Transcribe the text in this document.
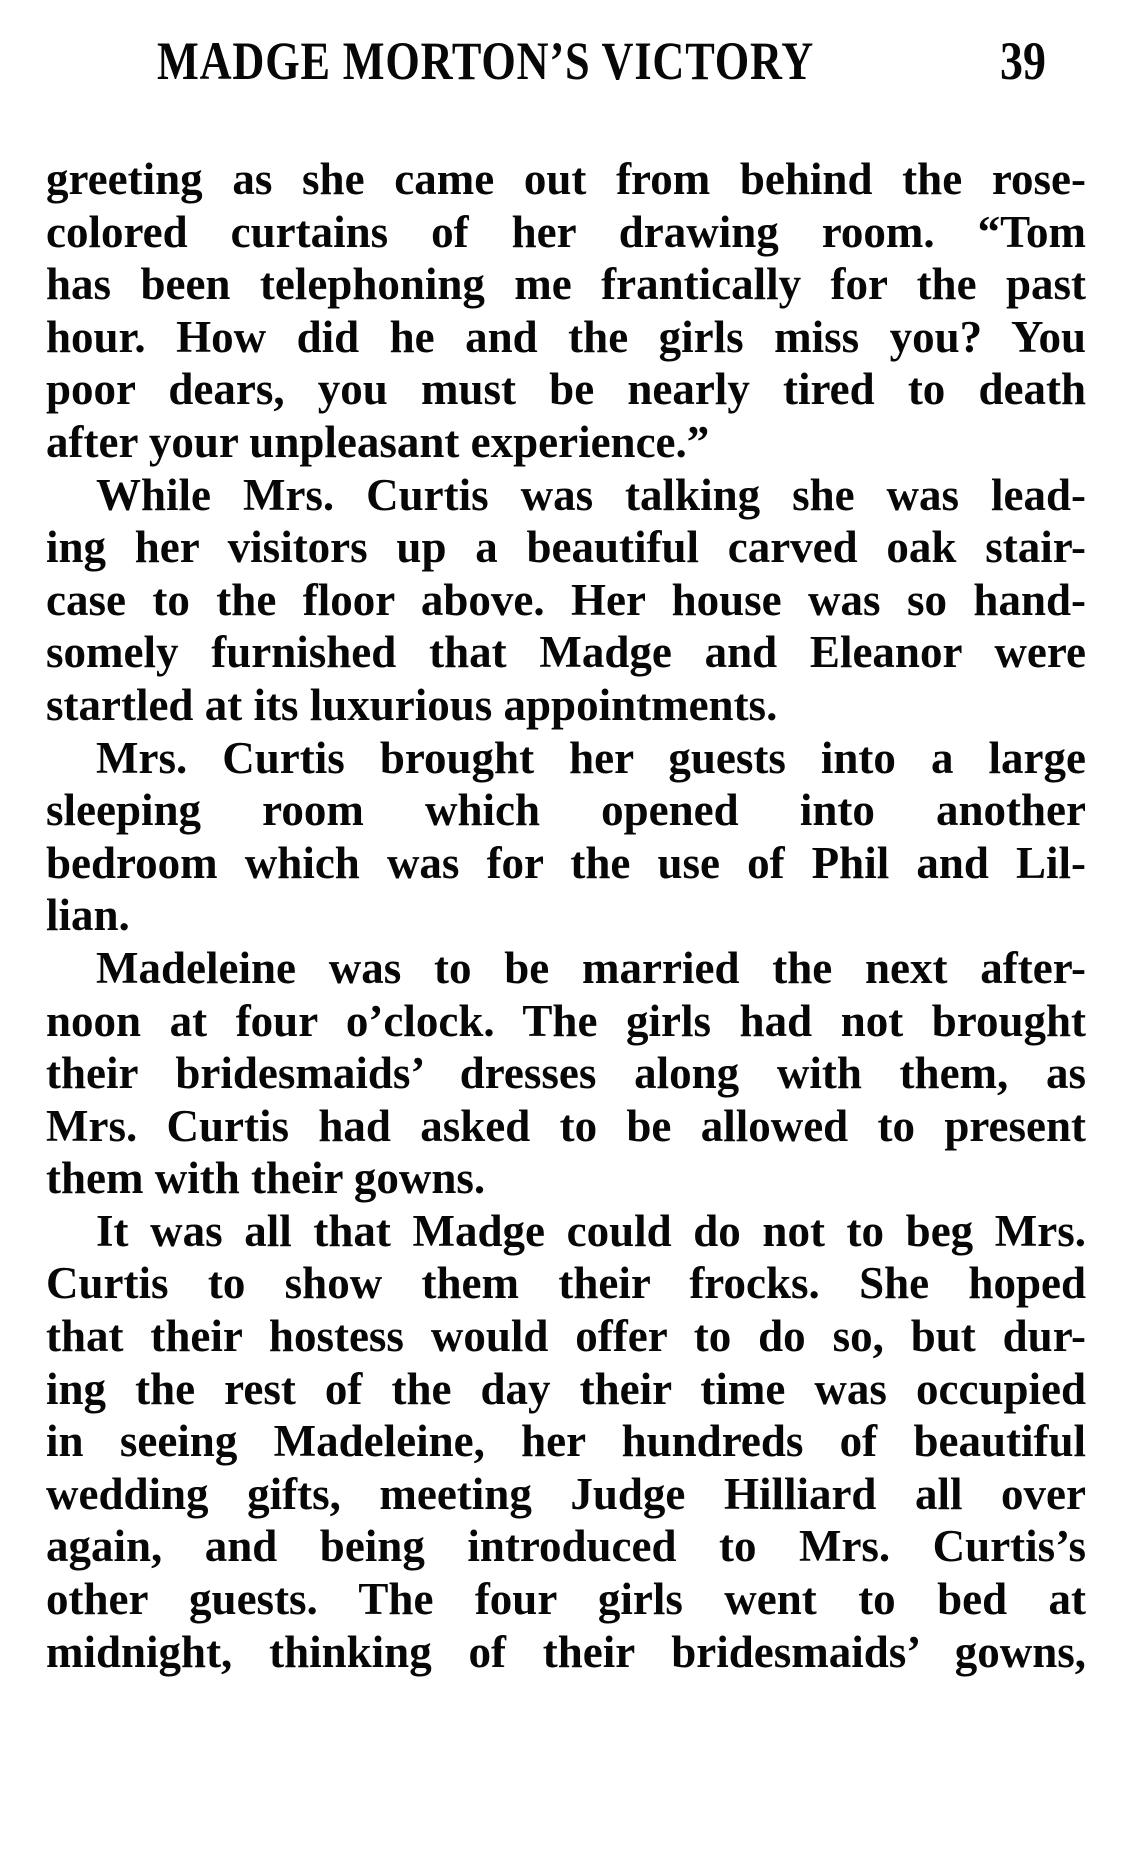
MADGE MORTON’S VICTORY	39
greeting as she came out from behind the rose-
colored curtains of her drawing room. “Tom
has been telephoning me frantically for the past
hour. How did he and the girls miss you? You
poor dears, you must be nearly tired to death
after your unpleasant experience.”
While Mrs. Curtis was talking she was lead-
ing her visitors up a beautiful carved oak stair-
case to the floor above. Her house was so hand-
somely furnished that Madge and Eleanor were
startled at its luxurious appointments.
Mrs. Curtis brought her guests into a large
sleeping room which opened into another
bedroom which was for the use of Phil and Lil-
lian.
Madeleine was to be married the next after-
noon at four o’clock. The girls had not brought
their bridesmaids’ dresses along with them, as
Mrs. Curtis had asked to be allowed to present
them with their gowns.
It was all that Madge could do not to beg Mrs.
Curtis to show them their frocks. She hoped
that their hostess would offer to do so, but dur-
ing the rest of the day their time was occupied
in seeing Madeleine, her hundreds of beautiful
wedding gifts, meeting Judge Hilliard all over
again, and being introduced to Mrs. Curtis’s
other guests. The four girls went to bed at
midnight, thinking of their bridesmaids’ gowns,
